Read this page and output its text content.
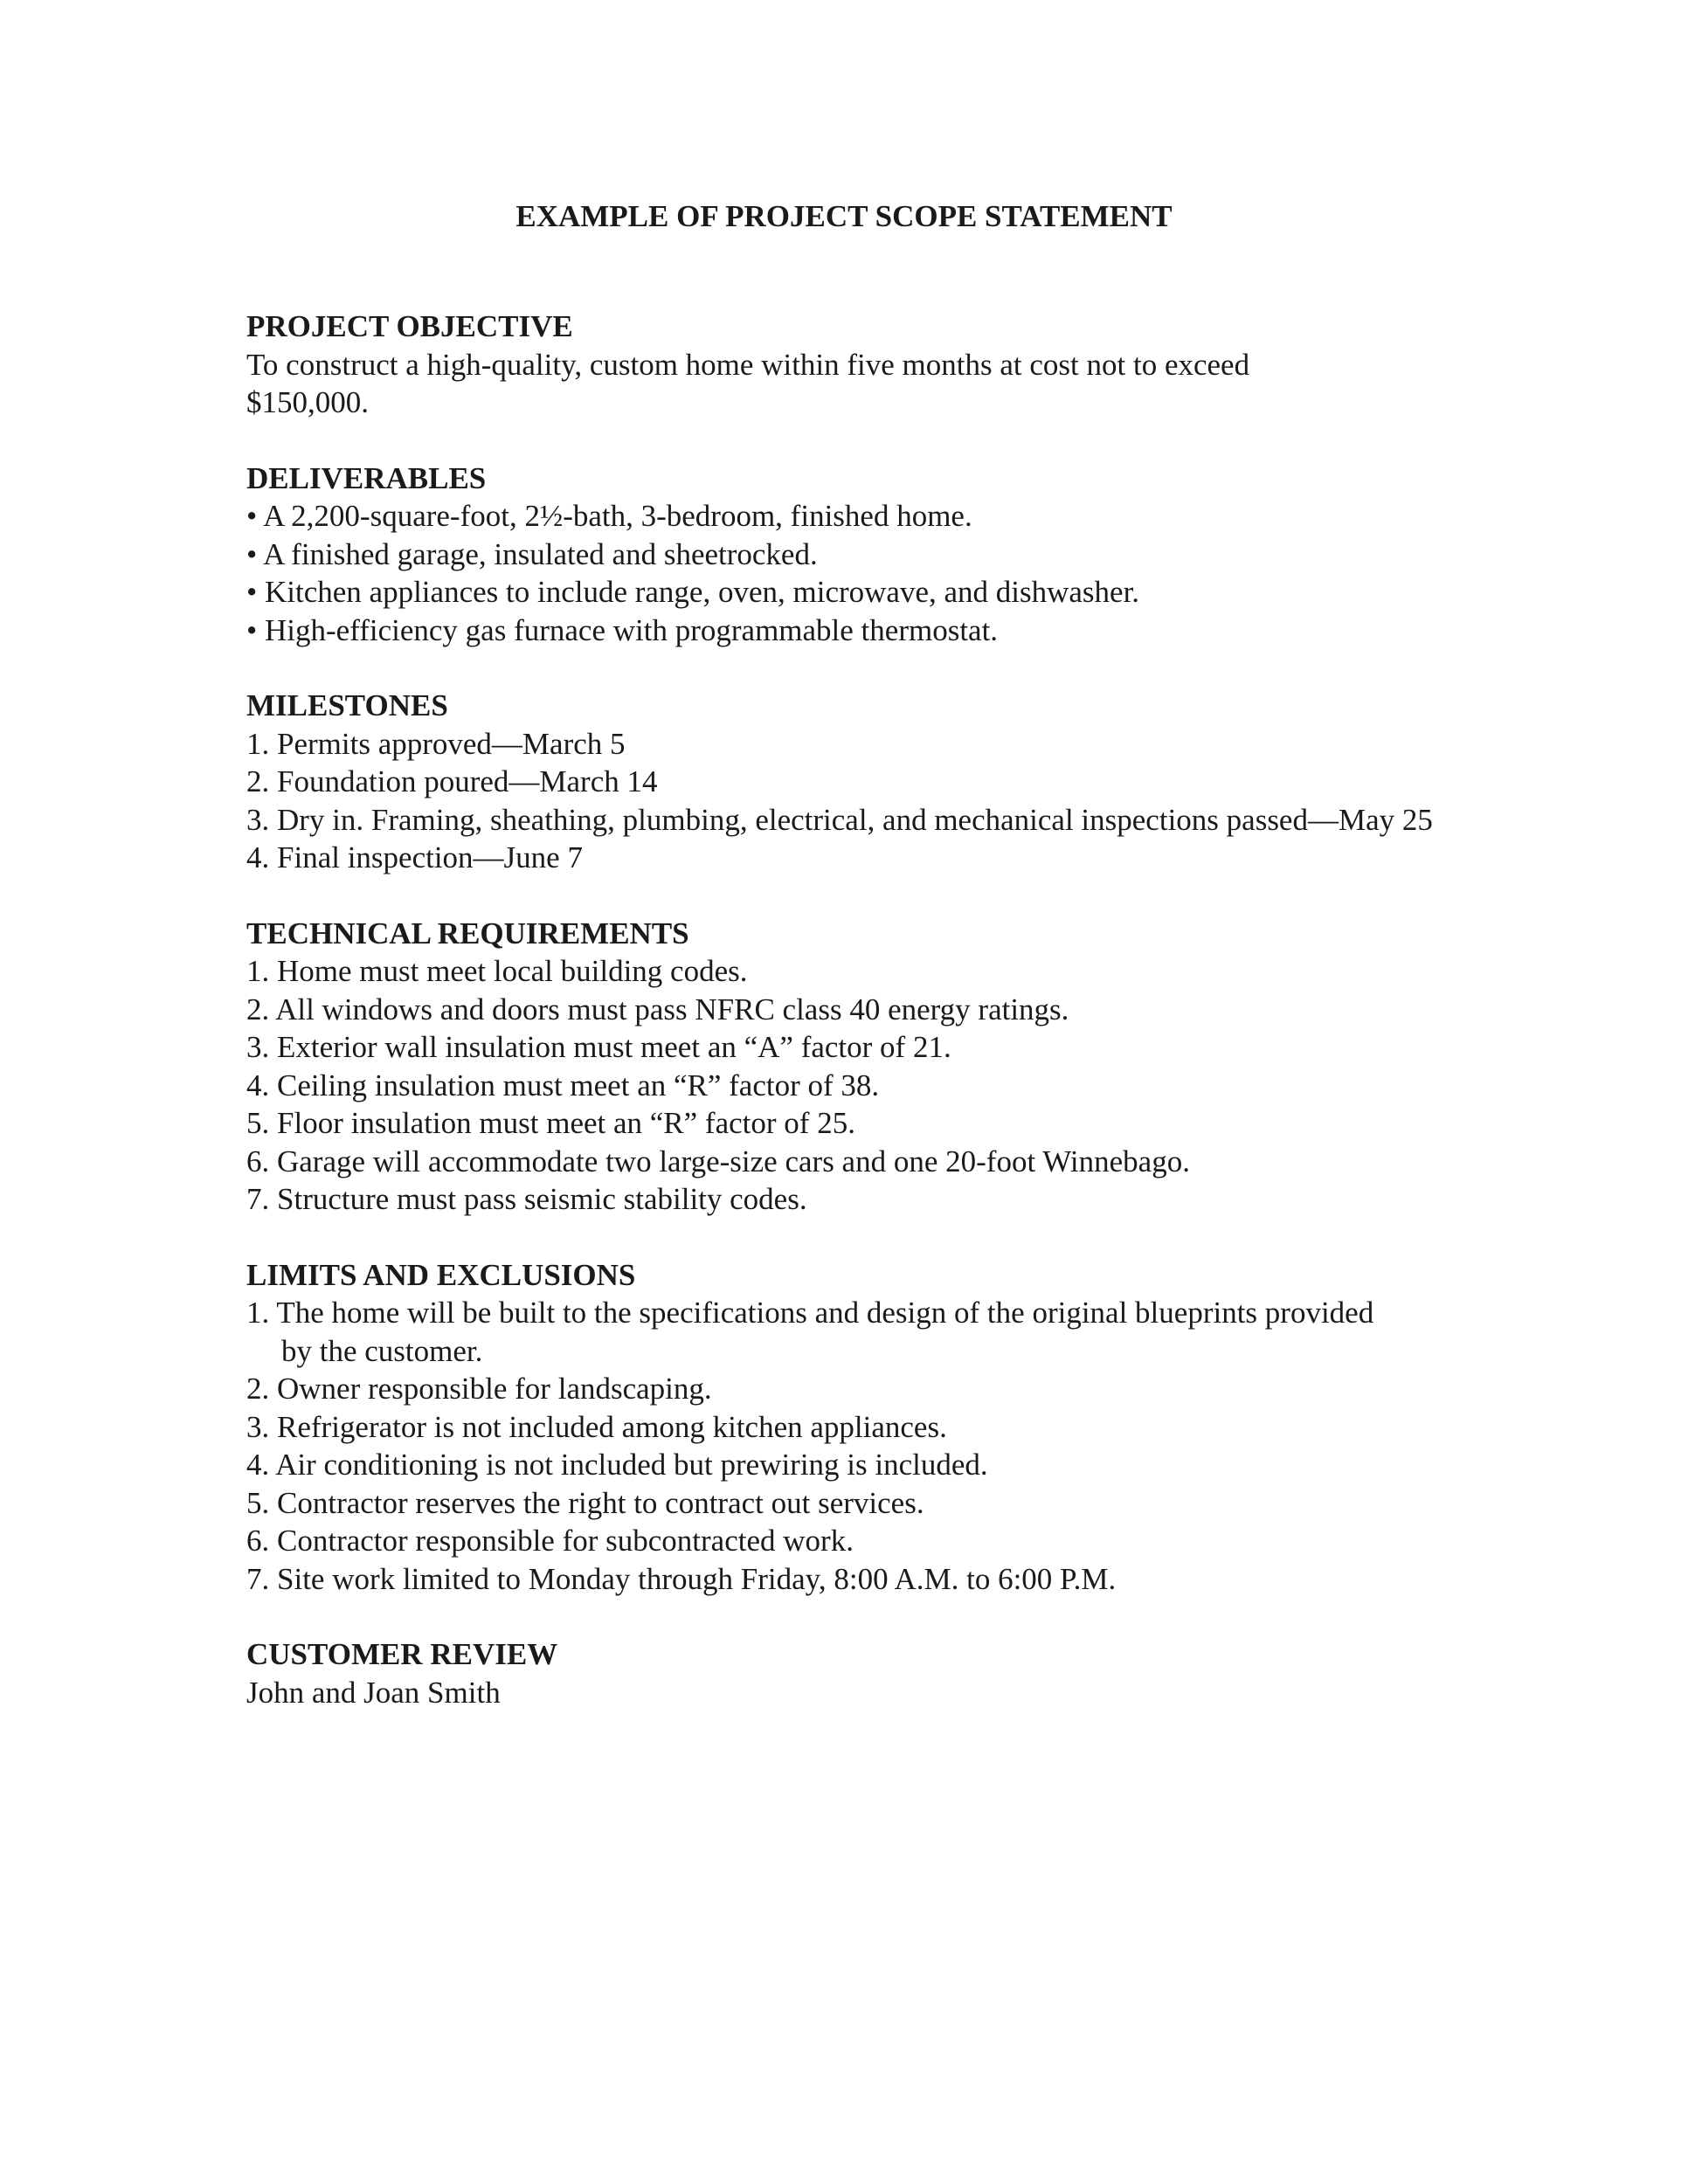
EXAMPLE OF PROJECT SCOPE STATEMENT

PROJECT OBJECTIVE

To construct a high-quality, custom home within five months at cost not to exceed $150,000.

DELIVERABLES

• A 2,200-square-foot, 2½-bath, 3-bedroom, finished home.
• A finished garage, insulated and sheetrocked.
• Kitchen appliances to include range, oven, microwave, and dishwasher.
• High-efficiency gas furnace with programmable thermostat.

MILESTONES

1. Permits approved—March 5
2. Foundation poured—March 14
3. Dry in. Framing, sheathing, plumbing, electrical, and mechanical inspections passed—May 25
4. Final inspection—June 7

TECHNICAL REQUIREMENTS

1. Home must meet local building codes.
2. All windows and doors must pass NFRC class 40 energy ratings.
3. Exterior wall insulation must meet an “A” factor of 21.
4. Ceiling insulation must meet an “R” factor of 38.
5. Floor insulation must meet an “R” factor of 25.
6. Garage will accommodate two large-size cars and one 20-foot Winnebago.
7. Structure must pass seismic stability codes.

LIMITS AND EXCLUSIONS

1. The home will be built to the specifications and design of the original blueprints provided by the customer.
2. Owner responsible for landscaping.
3. Refrigerator is not included among kitchen appliances.
4. Air conditioning is not included but prewiring is included.
5. Contractor reserves the right to contract out services.
6. Contractor responsible for subcontracted work.
7. Site work limited to Monday through Friday, 8:00 A.M. to 6:00 P.M.

CUSTOMER REVIEW

John and Joan Smith
